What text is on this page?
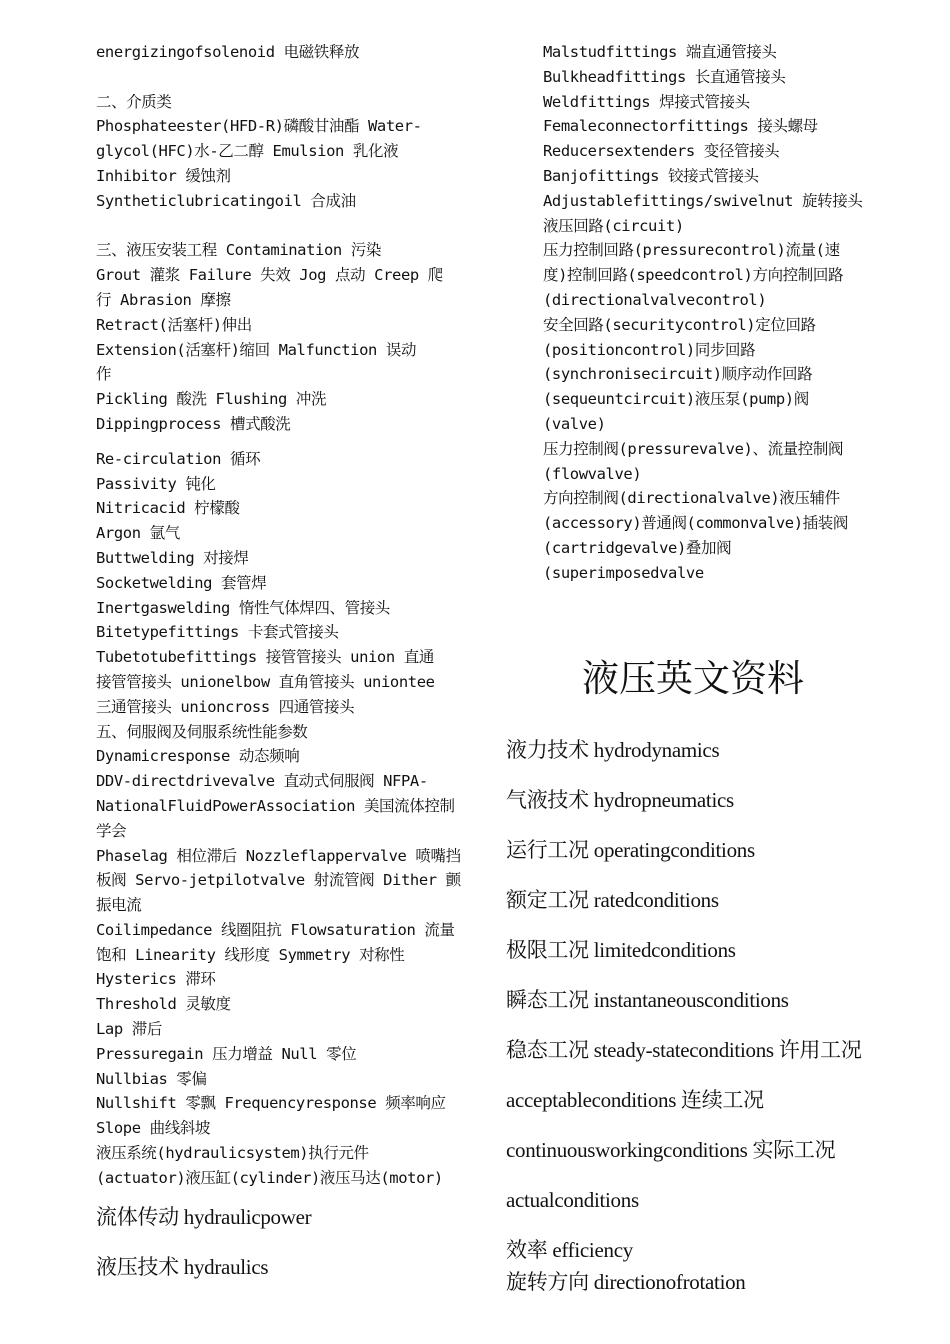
energizingofsolenoid 电磁铁释放

二、介质类

Phosphateester(HFD-R)磷酸甘油酯 Water-

glycol(HFC)水-乙二醇 Emulsion 乳化液

Inhibitor 缓蚀剂

Syntheticlubricatingoil 合成油

三、液压安装工程 Contamination 污染

Grout 灌浆 Failure 失效 Jog 点动 Creep 爬

行 Abrasion 摩擦

Retract(活塞杆)伸出

Extension(活塞杆)缩回 Malfunction 误动

作

Pickling 酸洗 Flushing 冲洗

Dippingprocess 槽式酸洗

Re-circulation 循环

Passivity 钝化

Nitricacid 柠檬酸

Argon 氩气

Buttwelding 对接焊

Socketwelding 套管焊

Inertgaswelding 惰性气体焊四、管接头

Bitetypefittings 卡套式管接头

Tubetotubefittings 接管管接头 union 直通

接管管接头 unionelbow 直角管接头 uniontee

三通管接头 unioncross 四通管接头

五、伺服阀及伺服系统性能参数

Dynamicresponse 动态频响

DDV-directdrivevalve 直动式伺服阀 NFPA-

NationalFluidPowerAssociation 美国流体控制

学会

Phaselag 相位滞后 Nozzleflappervalve 喷嘴挡

板阀 Servo-jetpilotvalve 射流管阀 Dither 颤

振电流

Coilimpedance 线圈阻抗 Flowsaturation 流量

饱和 Linearity 线形度 Symmetry 对称性

Hysterics 滞环

Threshold 灵敏度

Lap 滞后

Pressuregain 压力增益 Null 零位

Nullbias 零偏

Nullshift 零飘 Frequencyresponse 频率响应

Slope 曲线斜坡

液压系统(hydraulicsystem)执行元件

(actuator)液压缸(cylinder)液压马达(motor)

流体传动 hydraulicpower

液压技术 hydraulics

Malstudfittings 端直通管接头

Bulkheadfittings 长直通管接头

Weldfittings 焊接式管接头

Femaleconnectorfittings 接头螺母

Reducersextenders 变径管接头

Banjofittings 铰接式管接头

Adjustablefittings/swivelnut 旋转接头

液压回路(circuit)

压力控制回路(pressurecontrol)流量(速

度)控制回路(speedcontrol)方向控制回路

(directionalvalvecontrol)

安全回路(securitycontrol)定位回路

(positioncontrol)同步回路

(synchronisecircuit)顺序动作回路

(sequeuntcircuit)液压泵(pump)阀

(valve)

压力控制阀(pressurevalve)、流量控制阀

(flowvalve)

方向控制阀(directionalvalve)液压辅件

(accessory)普通阀(commonvalve)插装阀

(cartridgevalve)叠加阀

(superimposedvalve

液压英文资料

液力技术 hydrodynamics

气液技术 hydropneumatics

运行工况 operatingconditions

额定工况 ratedconditions

极限工况 limitedconditions

瞬态工况 instantaneousconditions

稳态工况 steady-stateconditions 许用工况

acceptableconditions 连续工况

continuousworkingconditions 实际工况

actualconditions

效率 efficiency

旋转方向 directionofrotation
